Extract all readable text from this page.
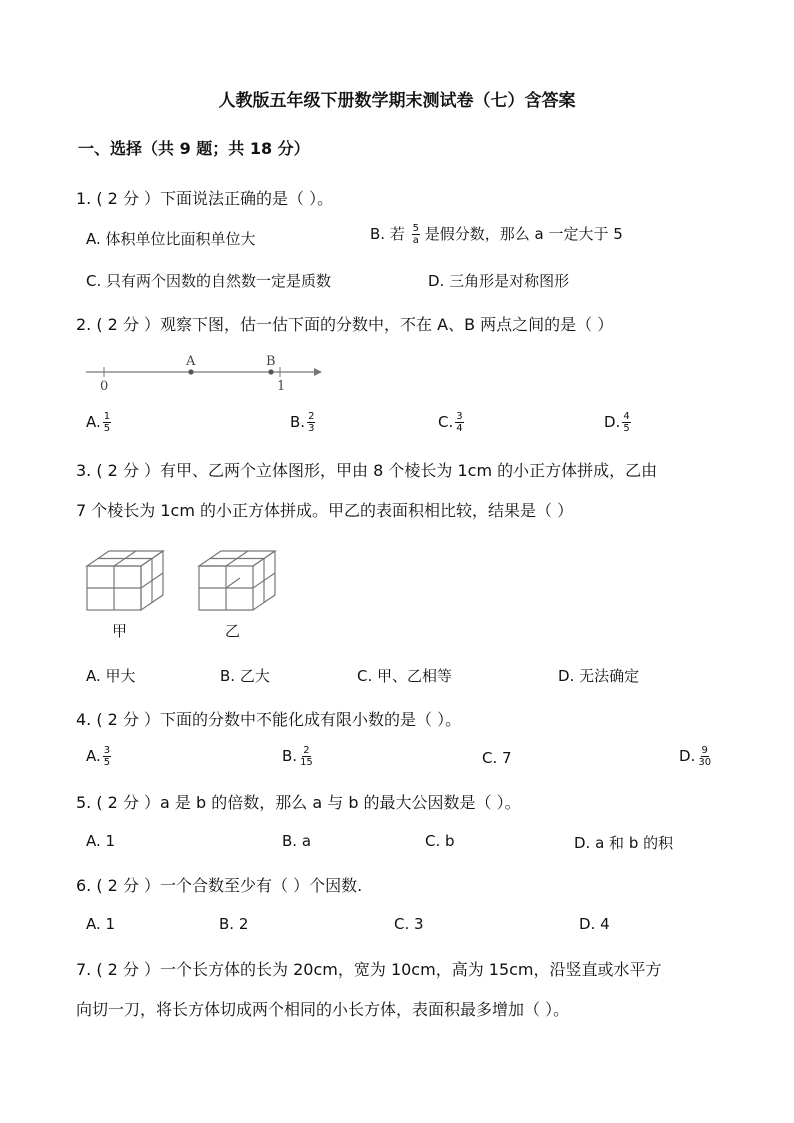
人教版五年级下册数学期末测试卷（七）含答案
一、选择（共 9 题；共 18 分）
1. ( 2 分 ）下面说法正确的是（ ）。
A. 体积单位比面积单位大	B. 若 $\frac{5}{a}$ 是假分数，那么 a 一定大于 5
C. 只有两个因数的自然数一定是质数	D. 三角形是对称图形
2. ( 2 分 ）观察下图，估一估下面的分数中，不在 A、B 两点之间的是（ ）
A	B
0	1
A. $\frac{1}{5}$	B. $\frac{2}{3}$	C. $\frac{3}{4}$	D. $\frac{4}{5}$
3. ( 2 分 ）有甲、乙两个立体图形，甲由 8 个棱长为 1cm 的小正方体拼成，乙由
7 个棱长为 1cm 的小正方体拼成。甲乙的表面积相比较，结果是（ ）
甲	乙
A. 甲大	B. 乙大	C. 甲、乙相等	D. 无法确定
4. ( 2 分 ）下面的分数中不能化成有限小数的是（ ）。
A. $\frac{3}{5}$	B. $\frac{2}{15}$	C. 7	D. $\frac{9}{30}$
5. ( 2 分 ）a 是 b 的倍数，那么 a 与 b 的最大公因数是（ ）。
A. 1	B. a	C. b	D. a 和 b 的积
6. ( 2 分 ）一个合数至少有（ ）个因数.
A. 1	B. 2	C. 3	D. 4
7. ( 2 分 ）一个长方体的长为 20cm，宽为 10cm，高为 15cm，沿竖直或水平方
向切一刀，将长方体切成两个相同的小长方体，表面积最多增加（ ）。
